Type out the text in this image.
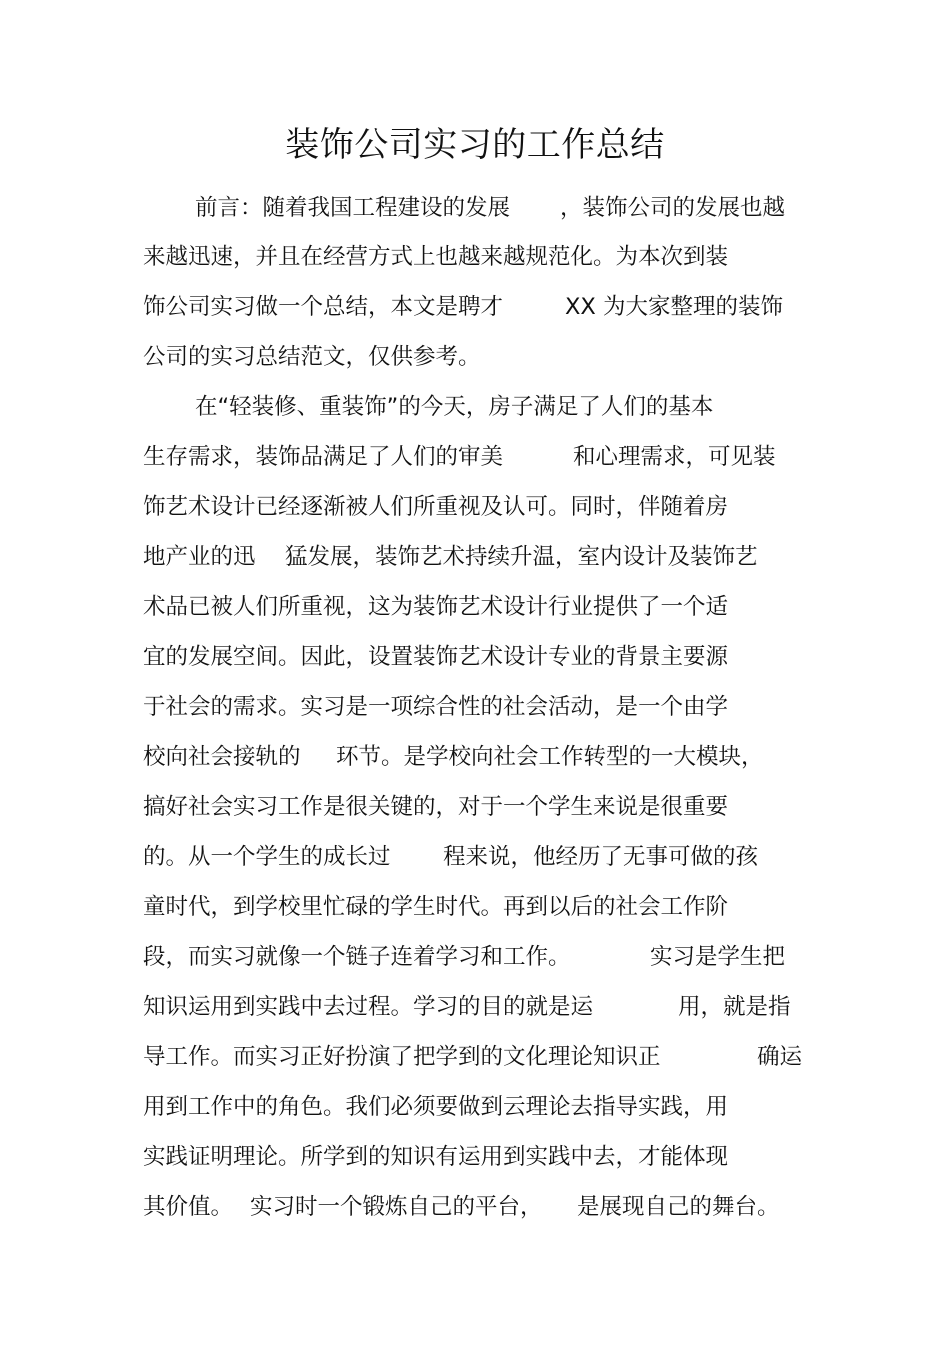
装饰公司实习的工作总结
前言：随着我国工程建设的发展 ，装饰公司的发展也越
来越迅速，并且在经营方式上也越来越规范化。为本次到装
饰公司实习做一个总结，本文是聘才	XX 为大家整理的装饰
公司的实习总结范文，仅供参考。
在“轻装修、重装饰”的今天，房子满足了人们的基本
生存需求，装饰品满足了人们的审美	和心理需求，可见装
饰艺术设计已经逐渐被人们所重视及认可。同时，伴随着房
地产业的迅 猛发展，装饰艺术持续升温，室内设计及装饰艺
术品已被人们所重视，这为装饰艺术设计行业提供了一个适
宜的发展空间。因此，设置装饰艺术设计专业的背景主要源
于社会的需求。实习是一项综合性的社会活动，是一个由学
校向社会接轨的 环节。是学校向社会工作转型的一大模块，
搞好社会实习工作是很关键的，对于一个学生来说是很重要
的。从一个学生的成长过 程来说，他经历了无事可做的孩
童时代，到学校里忙碌的学生时代。再到以后的社会工作阶
段，而实习就像一个链子连着学习和工作。	实习是学生把
知识运用到实践中去过程。学习的目的就是运	用，就是指
导工作。而实习正好扮演了把学到的文化理论知识正	确运
用到工作中的角色。我们必须要做到云理论去指导实践，用
实践证明理论。所学到的知识有运用到实践中去，才能体现
其价值。 实习时一个锻炼自己的平台， 是展现自己的舞台。
